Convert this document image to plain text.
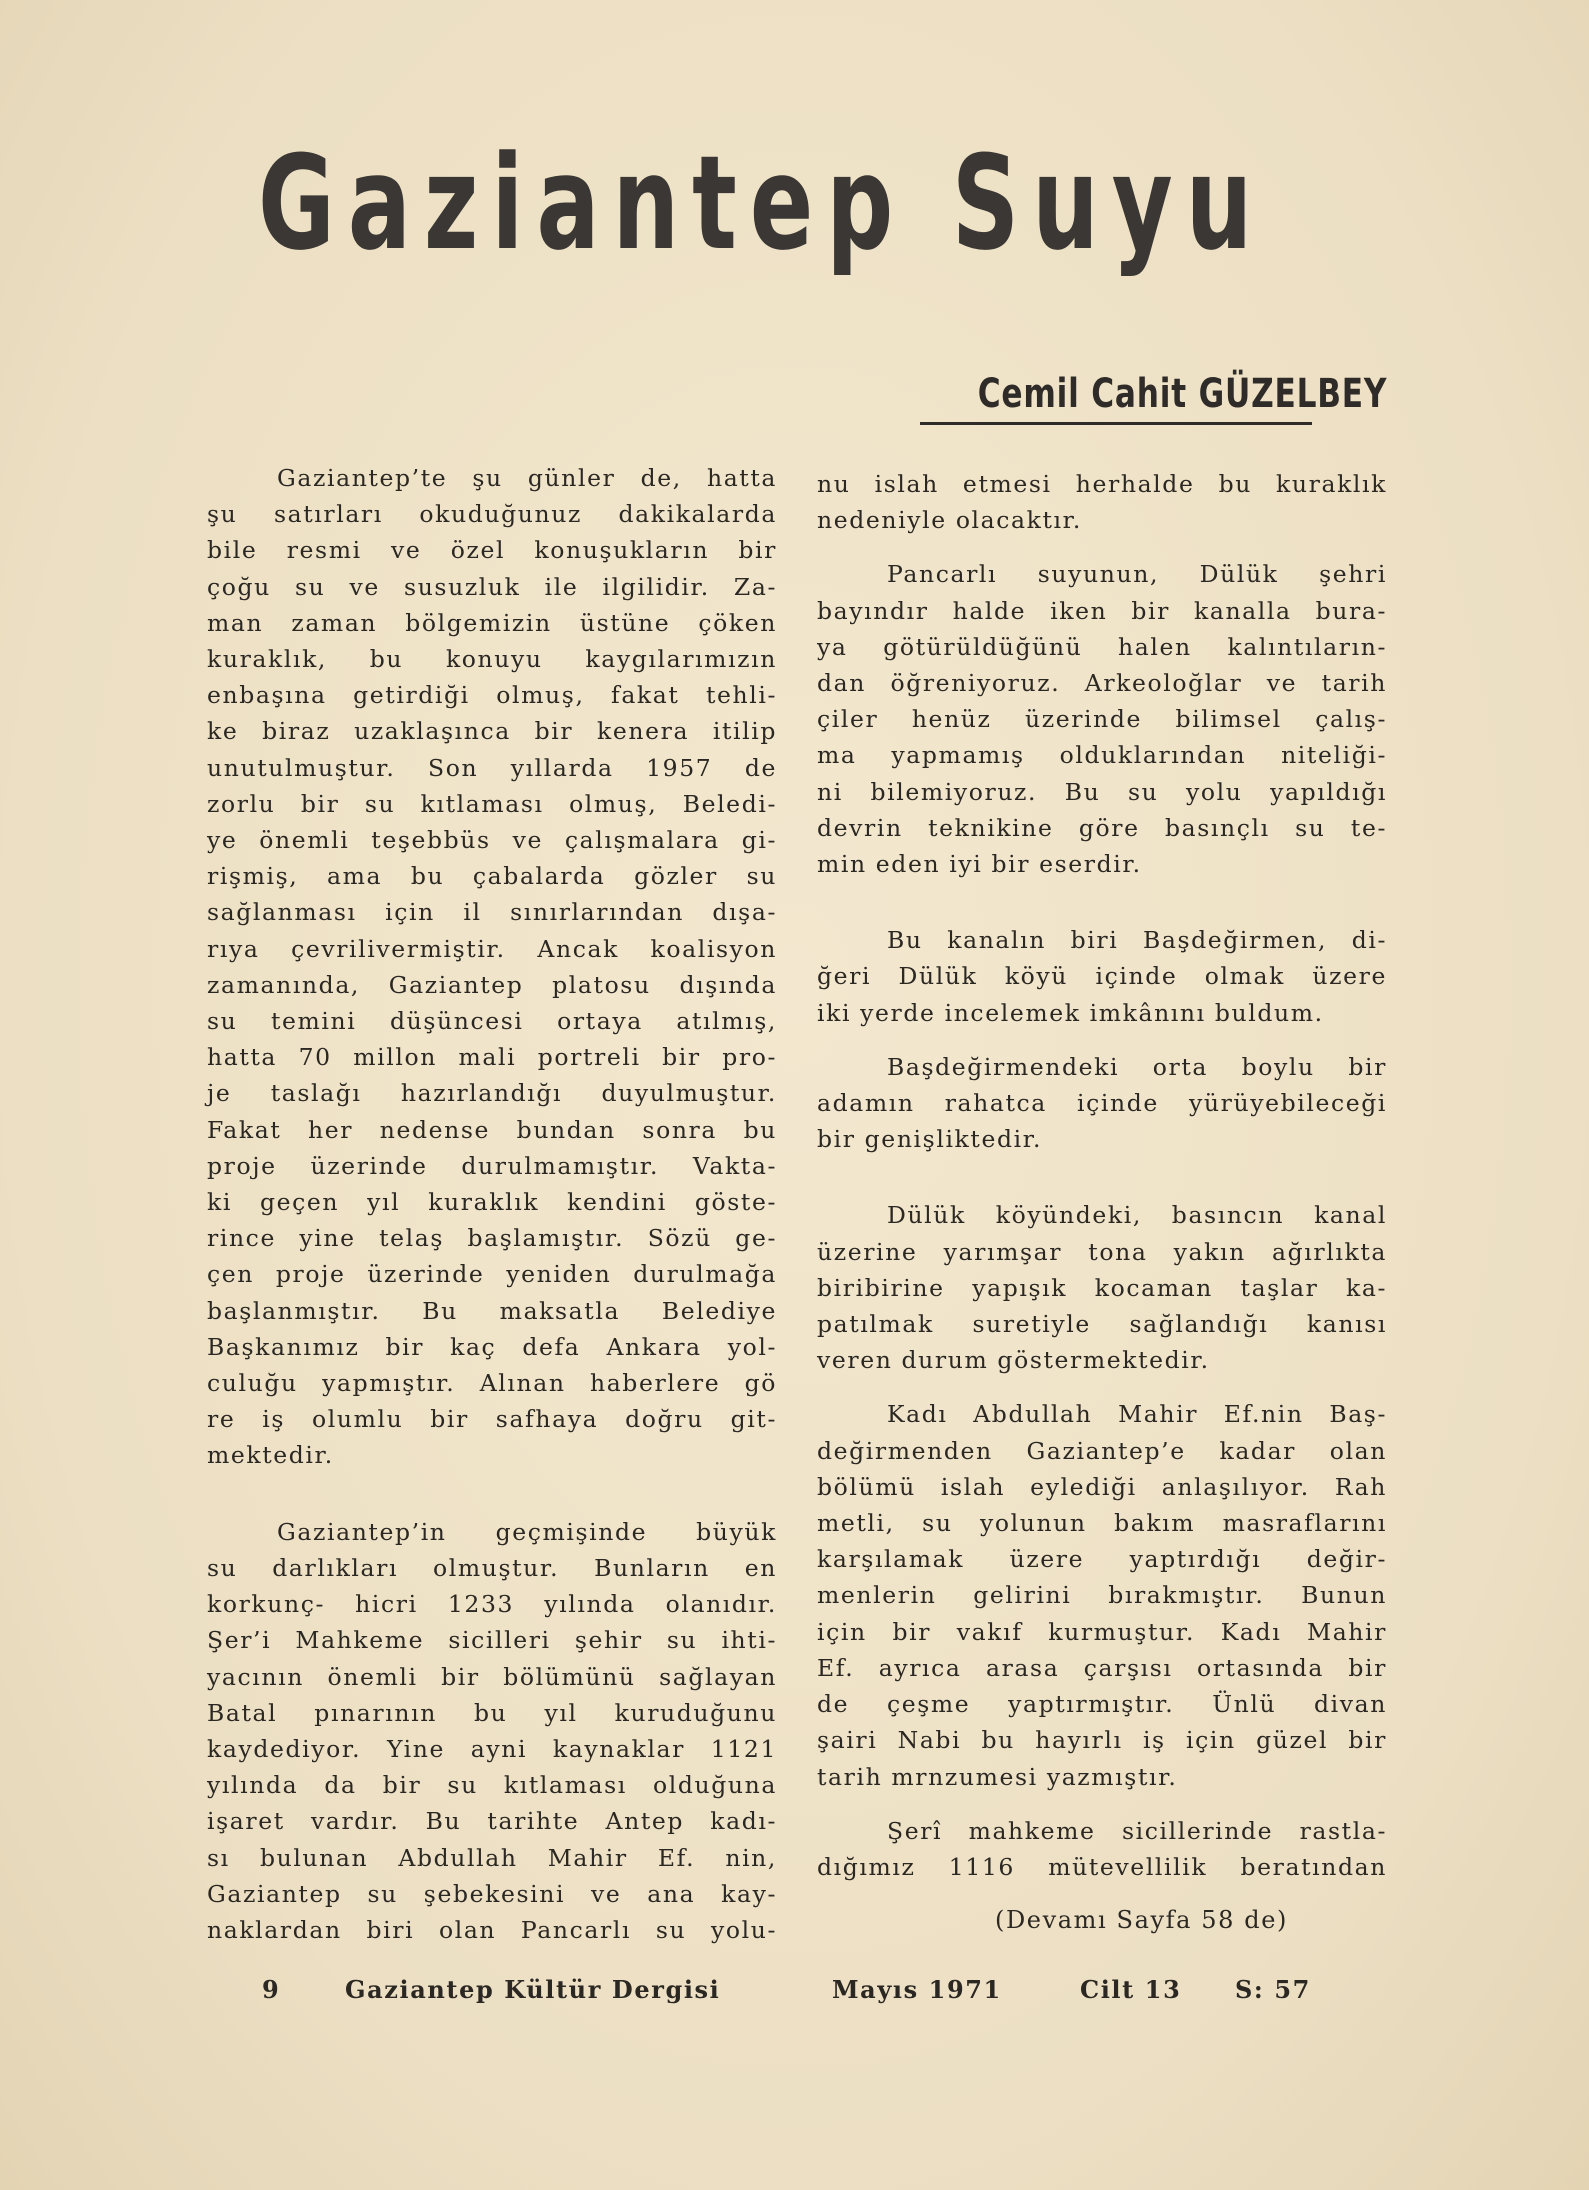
Gaziantep Suyu
Cemil Cahit GÜZELBEY
Gaziantep’te şu günler de, hatta
şu satırları okuduğunuz dakikalarda
bile resmi ve özel konuşukların bir
çoğu su ve susuzluk ile ilgilidir. Za-
man zaman bölgemizin üstüne çöken
kuraklık, bu konuyu kaygılarımızın
enbaşına getirdiği olmuş, fakat tehli-
ke biraz uzaklaşınca bir kenera itilip
unutulmuştur. Son yıllarda 1957 de
zorlu bir su kıtlaması olmuş, Beledi-
ye önemli teşebbüs ve çalışmalara gi-
rişmiş, ama bu çabalarda gözler su
sağlanması için il sınırlarından dışa-
rıya çevrilivermiştir. Ancak koalisyon
zamanında, Gaziantep platosu dışında
su temini düşüncesi ortaya atılmış,
hatta 70 millon mali portreli bir pro-
je taslağı hazırlandığı duyulmuştur.
Fakat her nedense bundan sonra bu
proje üzerinde durulmamıştır. Vakta-
ki geçen yıl kuraklık kendini göste-
rince yine telaş başlamıştır. Sözü ge-
çen proje üzerinde yeniden durulmağa
başlanmıştır. Bu maksatla Belediye
Başkanımız bir kaç defa Ankara yol-
culuğu yapmıştır. Alınan haberlere gö
re iş olumlu bir safhaya doğru git-
mektedir.
Gaziantep’in geçmişinde büyük
su darlıkları olmuştur. Bunların en
korkunç- hicri 1233 yılında olanıdır.
Şer’i Mahkeme sicilleri şehir su ihti-
yacının önemli bir bölümünü sağlayan
Batal pınarının bu yıl kuruduğunu
kaydediyor. Yine ayni kaynaklar 1121
yılında da bir su kıtlaması olduğuna
işaret vardır. Bu tarihte Antep kadı-
sı bulunan Abdullah Mahir Ef. nin,
Gaziantep su şebekesini ve ana kay-
naklardan biri olan Pancarlı su yolu-
nu islah etmesi herhalde bu kuraklık
nedeniyle olacaktır.
Pancarlı suyunun, Dülük şehri
bayındır halde iken bir kanalla bura-
ya götürüldüğünü halen kalıntıların-
dan öğreniyoruz. Arkeoloğlar ve tarih
çiler henüz üzerinde bilimsel çalış-
ma yapmamış olduklarından niteliği-
ni bilemiyoruz. Bu su yolu yapıldığı
devrin teknikine göre basınçlı su te-
min eden iyi bir eserdir.
Bu kanalın biri Başdeğirmen, di-
ğeri Dülük köyü içinde olmak üzere
iki yerde incelemek imkânını buldum.
Başdeğirmendeki orta boylu bir
adamın rahatca içinde yürüyebileceği
bir genişliktedir.
Dülük köyündeki, basıncın kanal
üzerine yarımşar tona yakın ağırlıkta
biribirine yapışık kocaman taşlar ka-
patılmak suretiyle sağlandığı kanısı
veren durum göstermektedir.
Kadı Abdullah Mahir Ef.nin Baş-
değirmenden Gaziantep’e kadar olan
bölümü islah eylediği anlaşılıyor. Rah
metli, su yolunun bakım masraflarını
karşılamak üzere yaptırdığı değir-
menlerin gelirini bırakmıştır. Bunun
için bir vakıf kurmuştur. Kadı Mahir
Ef. ayrıca arasa çarşısı ortasında bir
de çeşme yaptırmıştır. Ünlü divan
şairi Nabi bu hayırlı iş için güzel bir
tarih mrnzumesi yazmıştır.
Şerî mahkeme sicillerinde rastla-
dığımız 1116 mütevellilik beratından
(Devamı Sayfa 58 de)
9	Gaziantep Kültür Dergisi	Mayıs 1971	Cilt 13 S: 57
